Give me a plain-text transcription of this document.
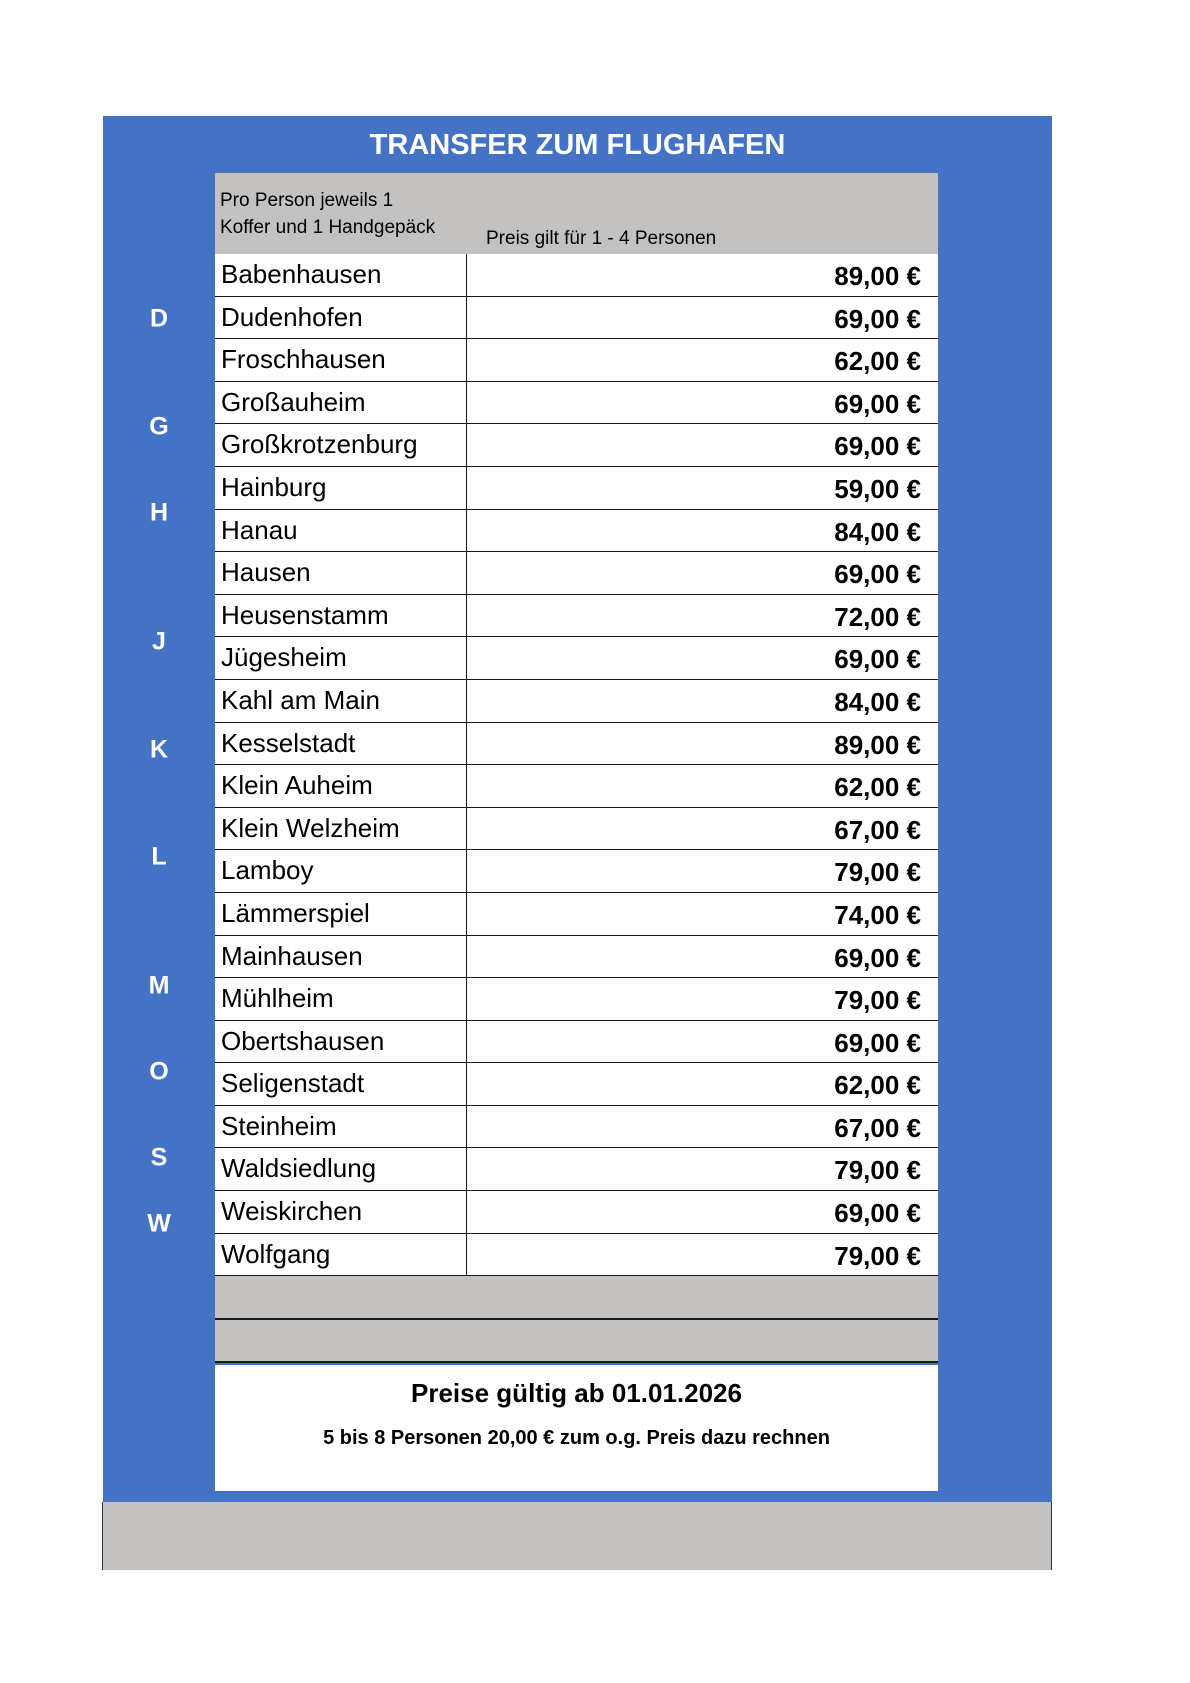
TRANSFER ZUM FLUGHAFEN
D
G
H
J
K
L
M
O
S
W
Pro Person jeweils 1
Koffer und 1 Handgepäck
Preis gilt für 1 - 4 Personen
Babenhausen	89,00 €
Dudenhofen	69,00 €
Froschhausen	62,00 €
Großauheim	69,00 €
Großkrotzenburg	69,00 €
Hainburg	59,00 €
Hanau	84,00 €
Hausen	69,00 €
Heusenstamm	72,00 €
Jügesheim	69,00 €
Kahl am Main	84,00 €
Kesselstadt	89,00 €
Klein Auheim	62,00 €
Klein Welzheim	67,00 €
Lamboy	79,00 €
Lämmerspiel	74,00 €
Mainhausen	69,00 €
Mühlheim	79,00 €
Obertshausen	69,00 €
Seligenstadt	62,00 €
Steinheim	67,00 €
Waldsiedlung	79,00 €
Weiskirchen	69,00 €
Wolfgang	79,00 €
Preise gültig ab 01.01.2026
5 bis 8 Personen 20,00 € zum o.g. Preis dazu rechnen
